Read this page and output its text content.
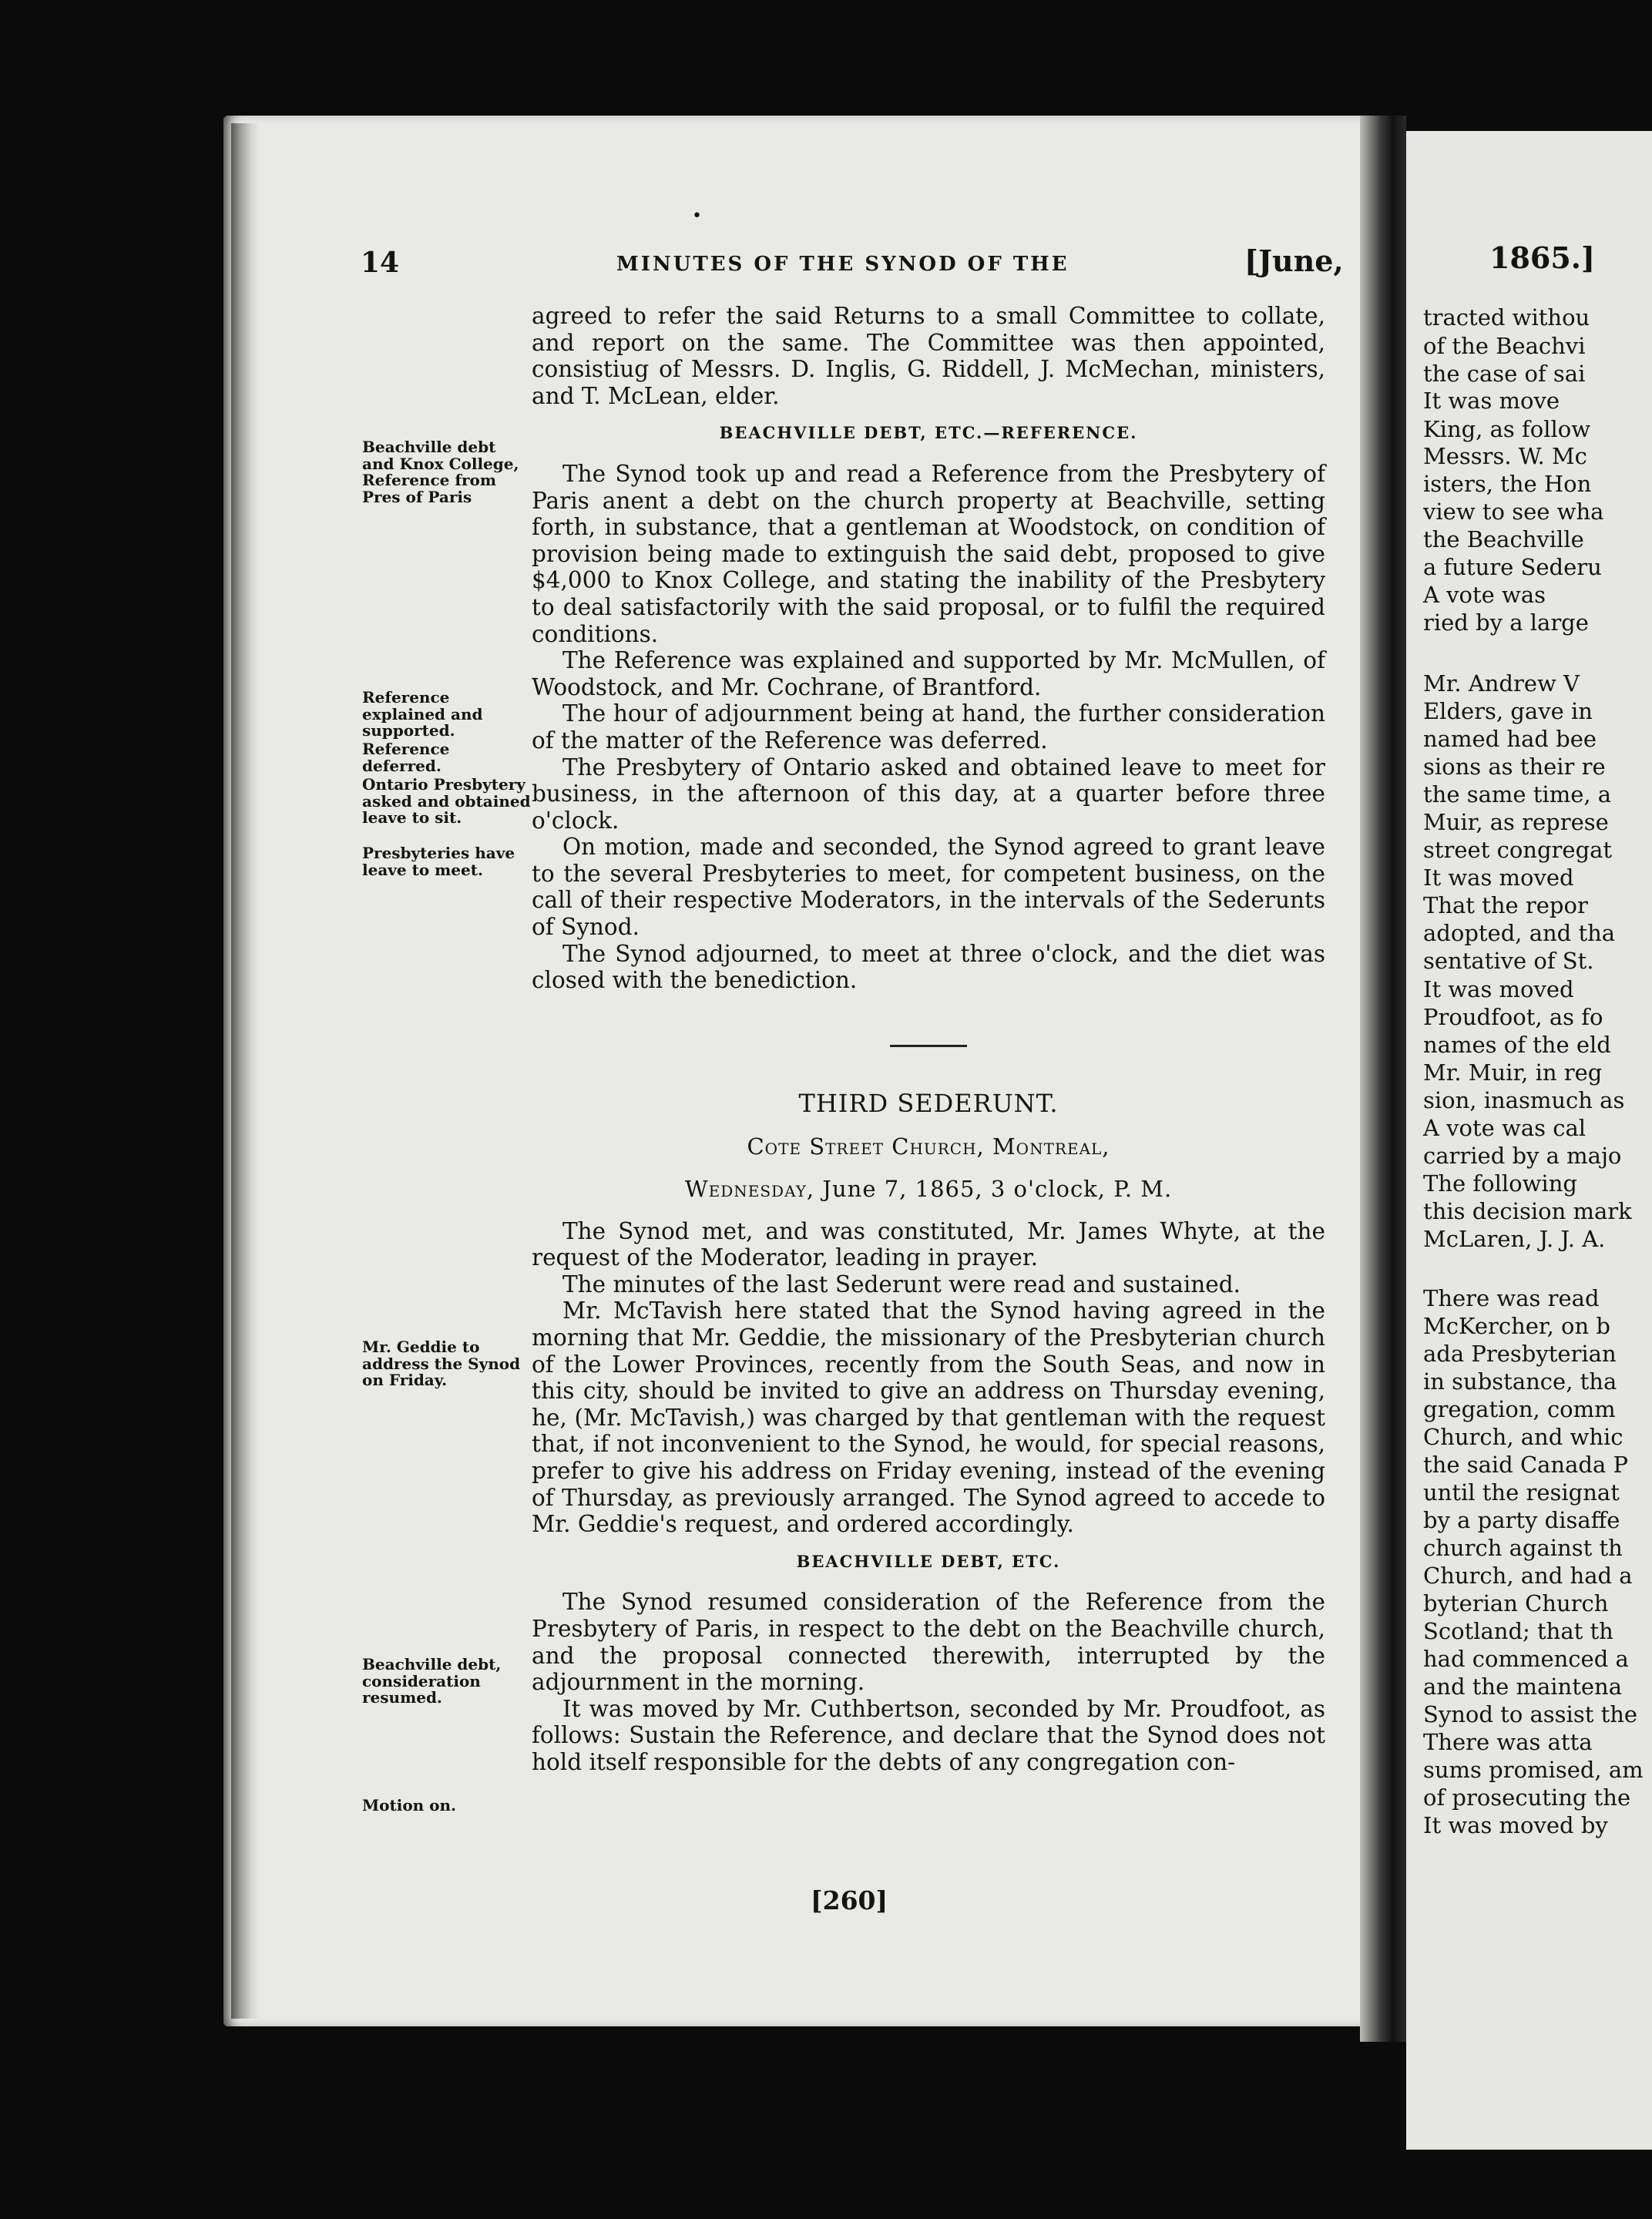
•
14	MINUTES OF THE SYNOD OF THE	[June,

agreed to refer the said Returns to a small Committee to collate, and report on the same. The Committee was then appointed, consistiug of Messrs. D. Inglis, G. Riddell, J. McMechan, ministers, and T. McLean, elder.

BEACHVILLE DEBT, ETC.—REFERENCE.

The Synod took up and read a Reference from the Presbytery of Paris anent a debt on the church property at Beachville, setting forth, in substance, that a gentleman at Woodstock, on condition of provision being made to extinguish the said debt, proposed to give $4,000 to Knox College, and stating the inability of the Presbytery to deal satisfactorily with the said proposal, or to fulfil the required conditions.

The Reference was explained and supported by Mr. McMullen, of Woodstock, and Mr. Cochrane, of Brantford.

The hour of adjournment being at hand, the further consideration of the matter of the Reference was deferred.

The Presbytery of Ontario asked and obtained leave to meet for business, in the afternoon of this day, at a quarter before three o'clock.

On motion, made and seconded, the Synod agreed to grant leave to the several Presbyteries to meet, for competent business, on the call of their respective Moderators, in the intervals of the Sederunts of Synod.

The Synod adjourned, to meet at three o'clock, and the diet was closed with the benediction.

THIRD SEDERUNT.
Cote Street Church, Montreal,
Wednesday, June 7, 1865, 3 o'clock, P. M.

The Synod met, and was constituted, Mr. James Whyte, at the request of the Moderator, leading in prayer.

The minutes of the last Sederunt were read and sustained.

Mr. McTavish here stated that the Synod having agreed in the morning that Mr. Geddie, the missionary of the Presbyterian church of the Lower Provinces, recently from the South Seas, and now in this city, should be invited to give an address on Thursday evening, he, (Mr. McTavish,) was charged by that gentleman with the request that, if not inconvenient to the Synod, he would, for special reasons, prefer to give his address on Friday evening, instead of the evening of Thursday, as previously arranged. The Synod agreed to accede to Mr. Geddie's request, and ordered accordingly.

BEACHVILLE DEBT, ETC.

The Synod resumed consideration of the Reference from the Presbytery of Paris, in respect to the debt on the Beachville church, and the proposal connected therewith, interrupted by the adjournment in the morning.

It was moved by Mr. Cuthbertson, seconded by Mr. Proudfoot, as follows: Sustain the Reference, and declare that the Synod does not hold itself responsible for the debts of any congregation con-

Beachville debt and Knox College, Reference from Pres of Paris
Reference explained and supported.
Reference deferred.
Ontario Presbytery asked and obtained leave to sit.
Presbyteries have leave to meet.
Mr. Geddie to address the Synod on Friday.
Beachville debt, consideration resumed.
Motion on.
[260]
1865.]
tracted withou
of the Beachvi
the case of sai
It was move
King, as follow
Messrs. W. Mc
isters, the Hon
view to see wha
the Beachville
a future Sederu
A vote was
ried by a large
Mr. Andrew V
Elders, gave in
named had bee
sions as their re
the same time, a
Muir, as represe
street congregat
It was moved
That the repor
adopted, and tha
sentative of St.
It was moved
Proudfoot, as fo
names of the eld
Mr. Muir, in reg
sion, inasmuch as
A vote was cal
carried by a majo
The following
this decision mark
McLaren, J. J. A.
There was read
McKercher, on b
ada Presbyterian
in substance, tha
gregation, comm
Church, and whic
the said Canada P
until the resignat
by a party disaffe
church against th
Church, and had a
byterian Church
Scotland; that th
had commenced a
and the maintena
Synod to assist the
There was atta
sums promised, am
of prosecuting the
It was moved by
